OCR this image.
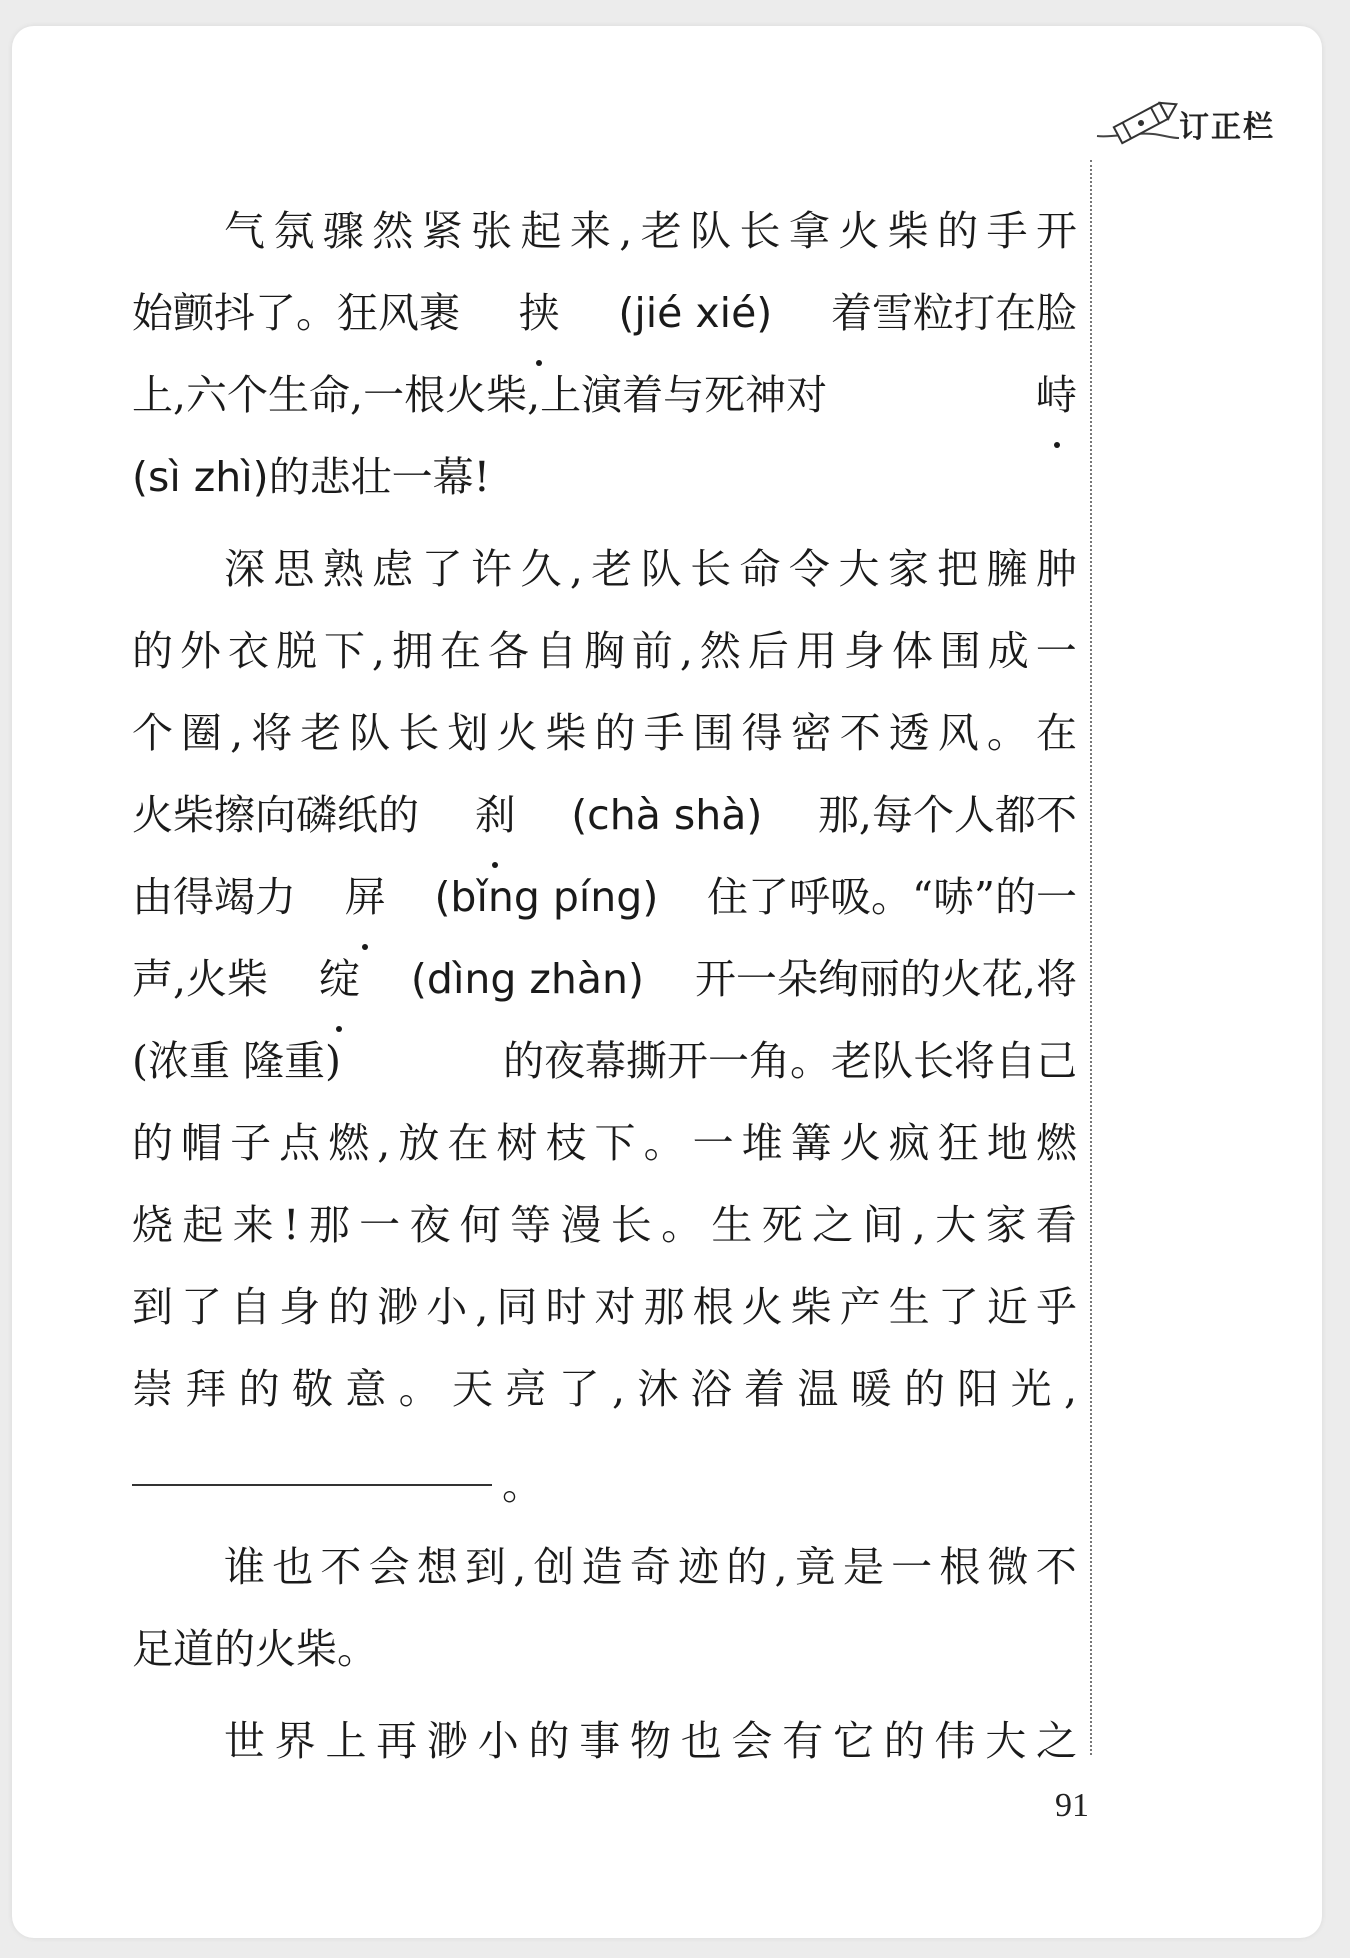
订正栏
气 氛 骤 然 紧 张 起 来 , 老 队 长 拿 火 柴 的 手 开
始颤抖了。狂风裹 挟 (jié xié) 着雪粒打在脸
上,六个生命,一根火柴,上演着与死神对	峙
(sì zhì)的悲壮一幕!
深 思 熟 虑 了 许 久 , 老 队 长 命 令 大 家 把 臃 肿
的 外 衣 脱 下 , 拥 在 各 自 胸 前 , 然 后 用 身 体 围 成 一
个 圈 , 将 老 队 长 划 火 柴 的 手 围 得 密 不 透 风 。 在
火柴擦向磷纸的 刹 (chà shà) 那,每个人都不
由得竭力 屏 (bǐng píng) 住了呼吸。“哧”的一
声,火柴 绽 (dìng zhàn) 开一朵绚丽的火花,将
(浓重 隆重)	的夜幕撕开一角。老队长将自己
的 帽 子 点 燃 , 放 在 树 枝 下 。 一 堆 篝 火 疯 狂 地 燃
烧 起 来 ! 那 一 夜 何 等 漫 长 。 生 死 之 间 , 大 家 看
到 了 自 身 的 渺 小 , 同 时 对 那 根 火 柴 产 生 了 近 乎
崇 拜 的 敬 意 。 天 亮 了 , 沐 浴 着 温 暖 的 阳 光 ,
。
谁 也 不 会 想 到 , 创 造 奇 迹 的 , 竟 是 一 根 微 不
足道的火柴。
世 界 上 再 渺 小 的 事 物 也 会 有 它 的 伟 大 之
91
